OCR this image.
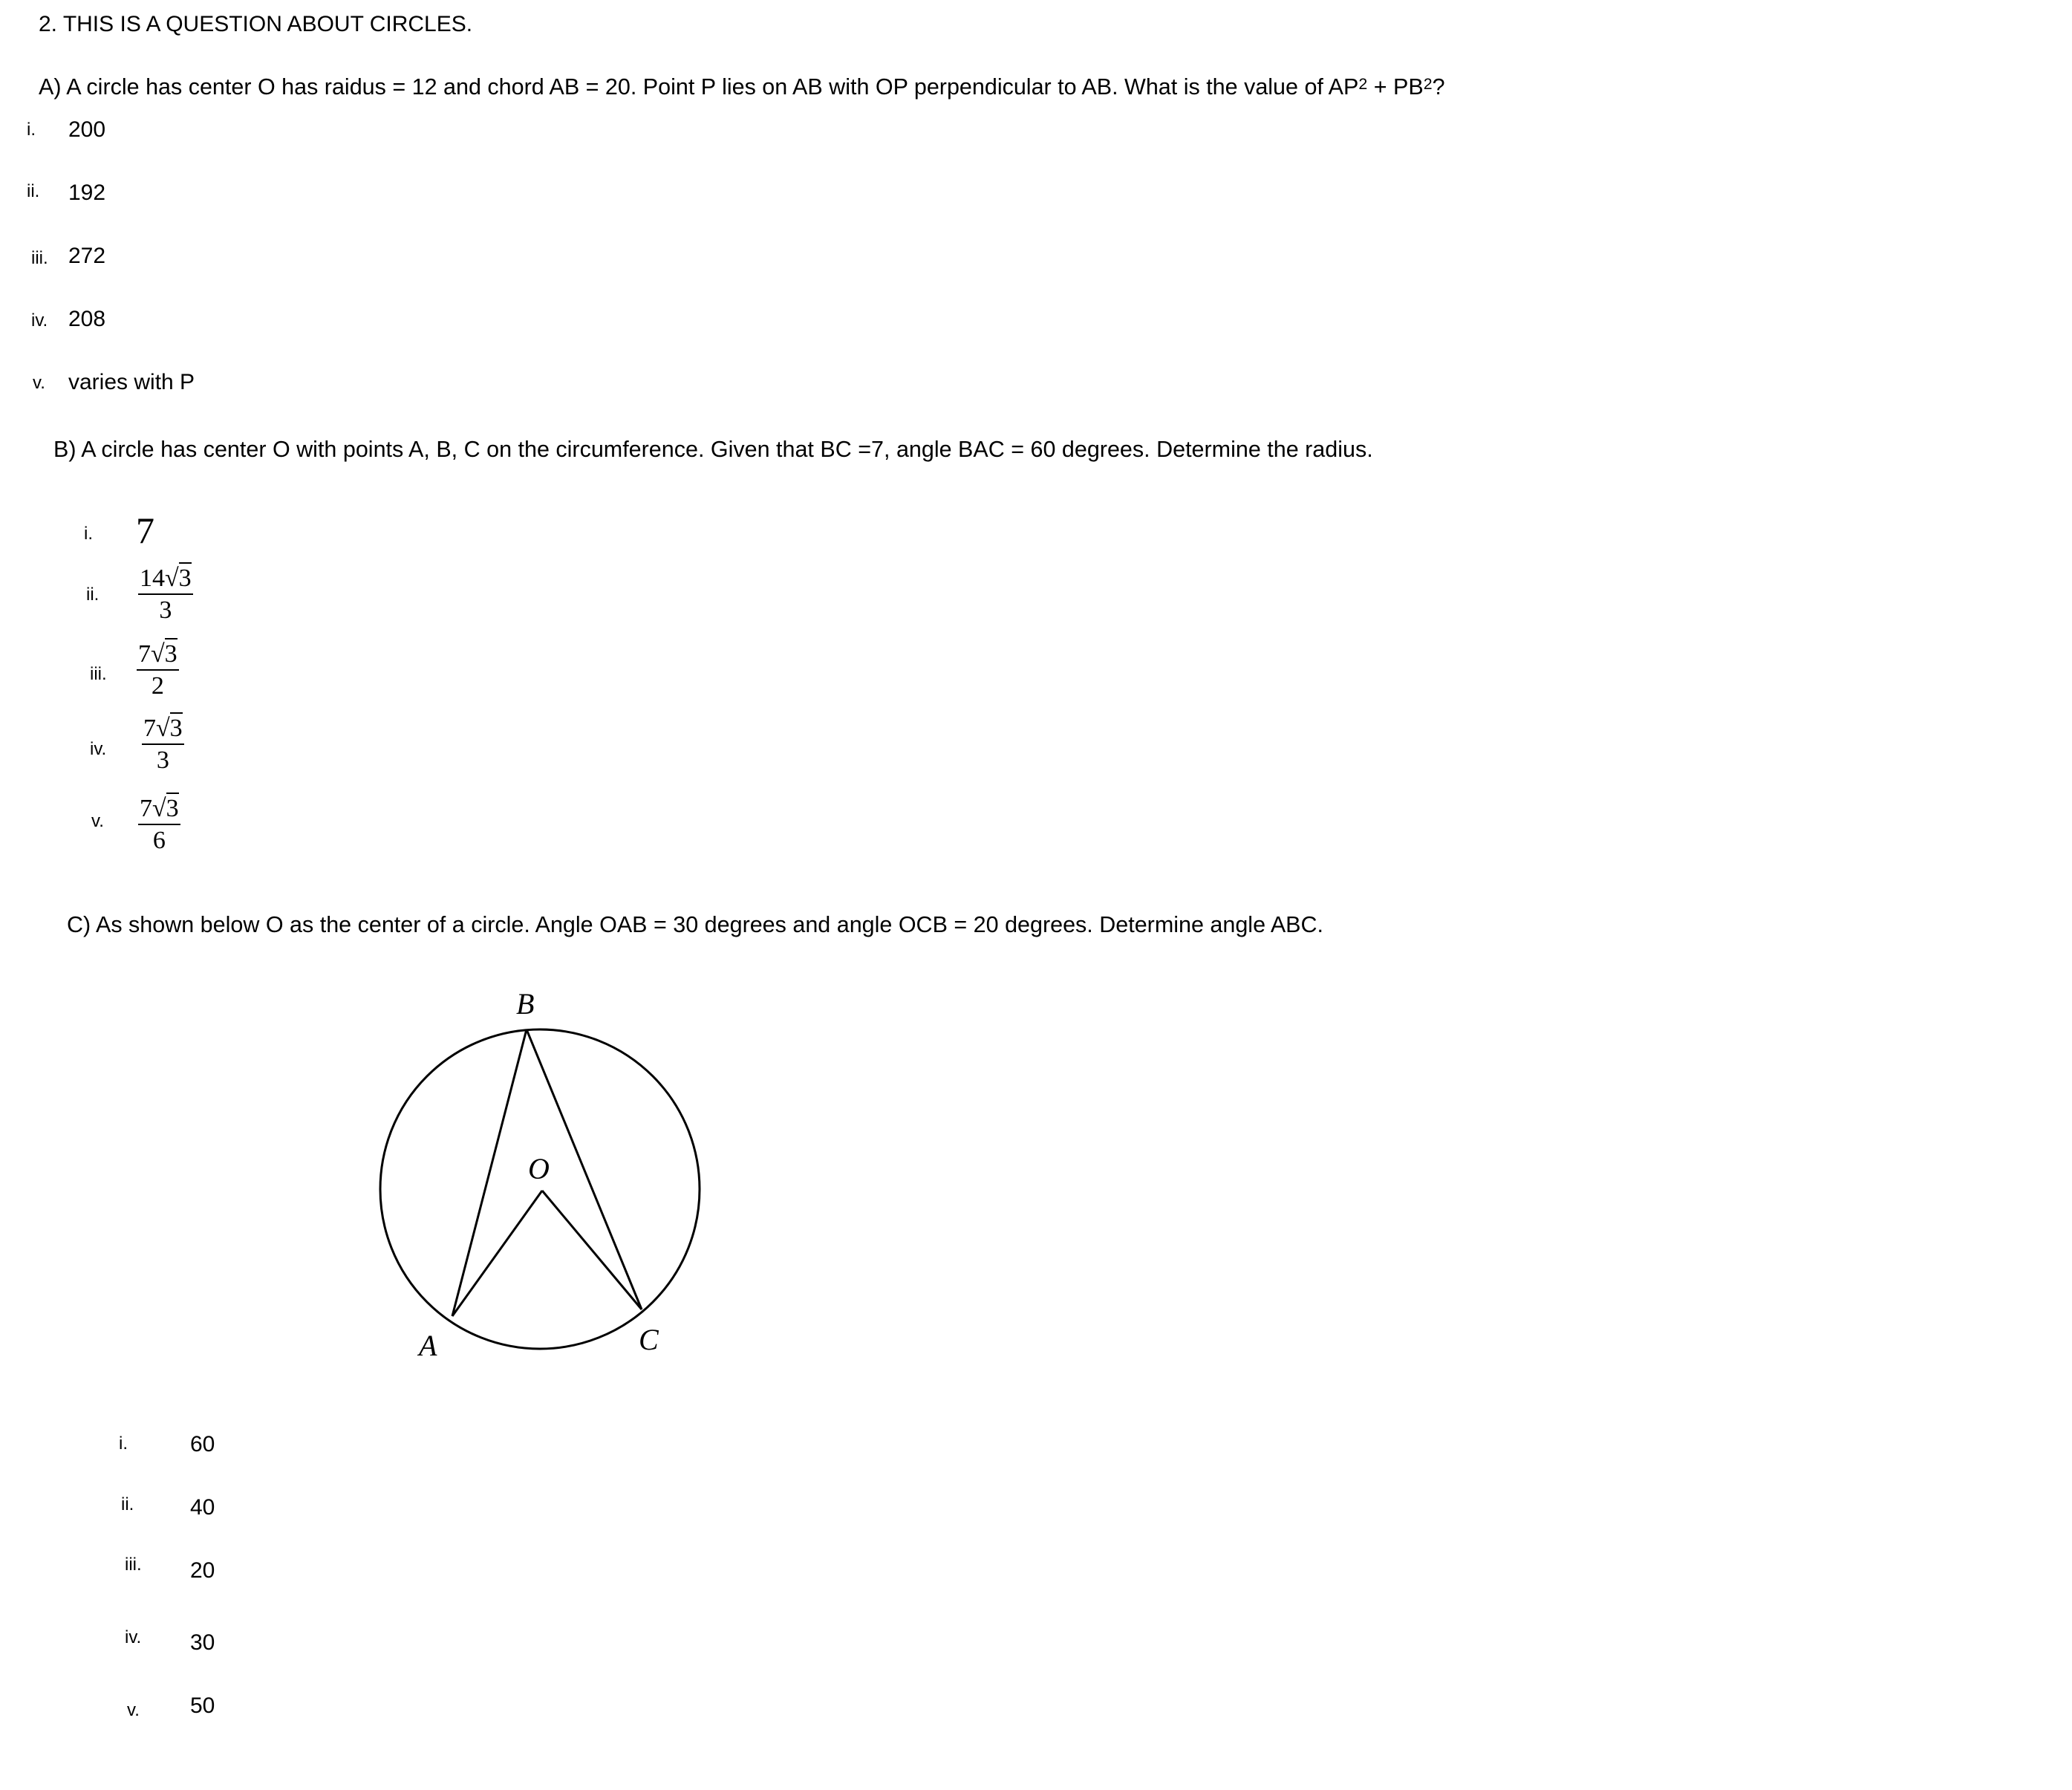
2. THIS IS A QUESTION ABOUT CIRCLES.
A) A circle has center O has raidus = 12 and chord AB = 20. Point P lies on AB with OP perpendicular to AB. What is the value of $AP^2 + PB^2$?
i. 200
ii. 192
iii. 272
iv. 208
v. varies with P
B) A circle has center O with points A, B, C on the circumference. Given that BC =7, angle BAC = 60 degrees. Determine the radius.
i. 7
ii. $\frac{14√3}{3}$
iii. $\frac{7√3}{2}$
iv. $\frac{7√3}{3}$
v. $\frac{7√3}{6}$
C) As shown below O as the center of a circle. Angle OAB = 30 degrees and angle OCB = 20 degrees. Determine angle ABC.
B
O
A	C
i.	60
ii.	40
iii. 20
iv. 30
v. 50
